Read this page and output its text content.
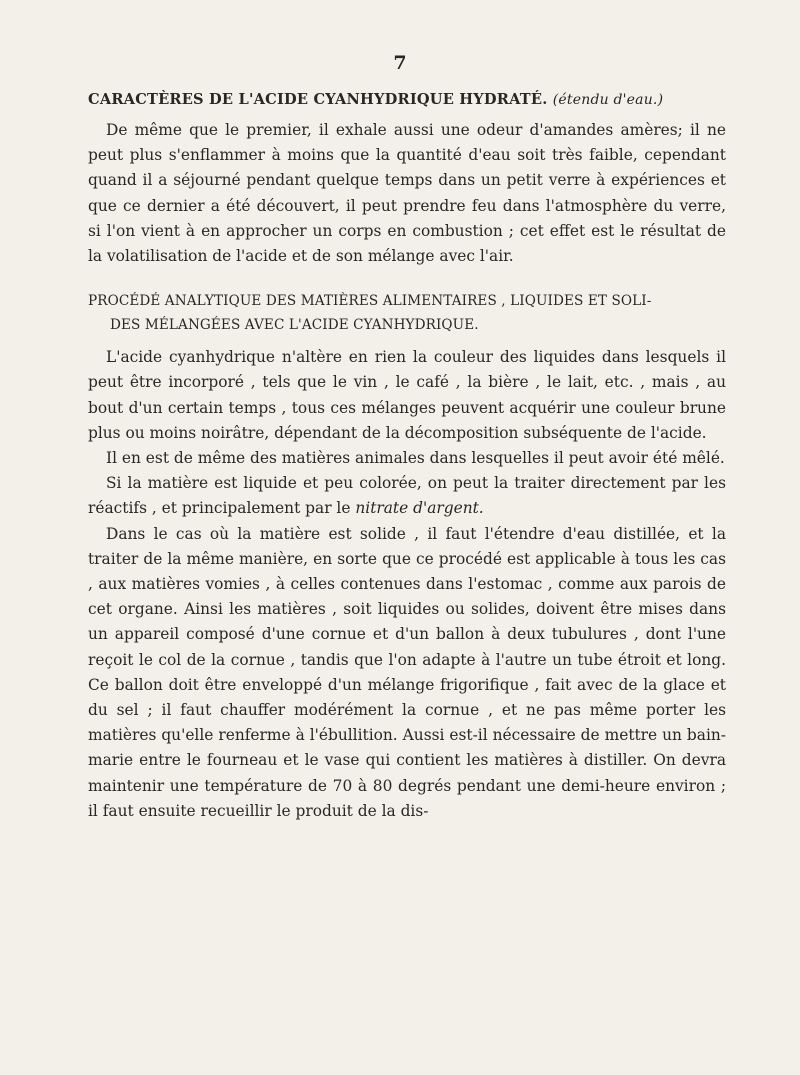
7
CARACTÈRES DE L'ACIDE CYANHYDRIQUE HYDRATÉ. (étendu d'eau.)

De même que le premier, il exhale aussi une odeur d'amandes amères; il ne peut plus s'enflammer à moins que la quantité d'eau soit très faible, cependant quand il a séjourné pendant quelque temps dans un petit verre à expériences et que ce dernier a été découvert, il peut prendre feu dans l'atmosphère du verre, si l'on vient à en approcher un corps en combustion ; cet effet est le résultat de la volatilisation de l'acide et de son mélange avec l'air.

PROCÉDÉ ANALYTIQUE DES MATIÈRES ALIMENTAIRES , LIQUIDES ET SOLI-
DES MÉLANGÉES AVEC L'ACIDE CYANHYDRIQUE.

L'acide cyanhydrique n'altère en rien la couleur des liquides dans lesquels il peut être incorporé , tels que le vin , le café , la bière , le lait, etc. , mais , au bout d'un certain temps , tous ces mélanges peuvent acquérir une couleur brune plus ou moins noirâtre, dépendant de la décomposition subséquente de l'acide.

Il en est de même des matières animales dans lesquelles il peut avoir été mêlé.

Si la matière est liquide et peu colorée, on peut la traiter directement par les réactifs , et principalement par le nitrate d'argent.

Dans le cas où la matière est solide , il faut l'étendre d'eau distillée, et la traiter de la même manière, en sorte que ce procédé est applicable à tous les cas , aux matières vomies , à celles contenues dans l'estomac , comme aux parois de cet organe. Ainsi les matières , soit liquides ou solides, doivent être mises dans un appareil composé d'une cornue et d'un ballon à deux tubulures , dont l'une reçoit le col de la cornue , tandis que l'on adapte à l'autre un tube étroit et long. Ce ballon doit être enveloppé d'un mélange frigorifique , fait avec de la glace et du sel ; il faut chauffer modérément la cornue , et ne pas même porter les matières qu'elle renferme à l'ébullition. Aussi est-il nécessaire de mettre un bain-marie entre le fourneau et le vase qui contient les matières à distiller. On devra maintenir une température de 70 à 80 degrés pendant une demi-heure environ ; il faut ensuite recueillir le produit de la dis-
